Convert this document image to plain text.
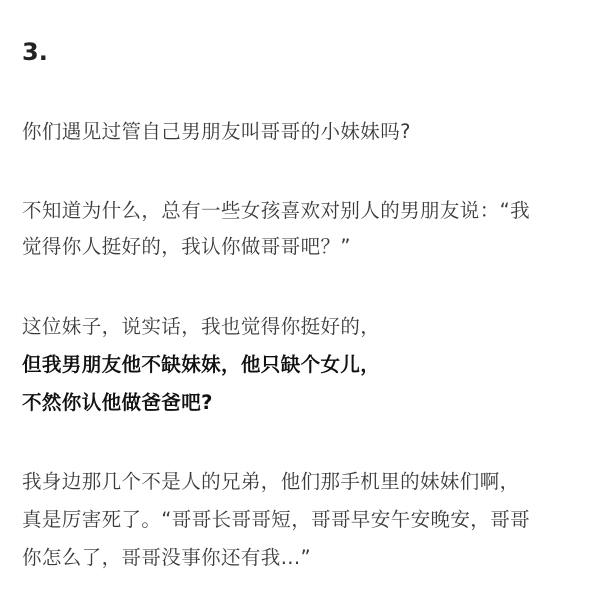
3.
你们遇见过管自己男朋友叫哥哥的小妹妹吗?
不知道为什么，总有一些女孩喜欢对别人的男朋友说：“我
觉得你人挺好的，我认你做哥哥吧？”
这位妹子，说实话，我也觉得你挺好的，
但我男朋友他不缺妹妹，他只缺个女儿，
不然你认他做爸爸吧?
我身边那几个不是人的兄弟，他们那手机里的妹妹们啊，
真是厉害死了。“哥哥长哥哥短，哥哥早安午安晚安，哥哥
你怎么了，哥哥没事你还有我...”
